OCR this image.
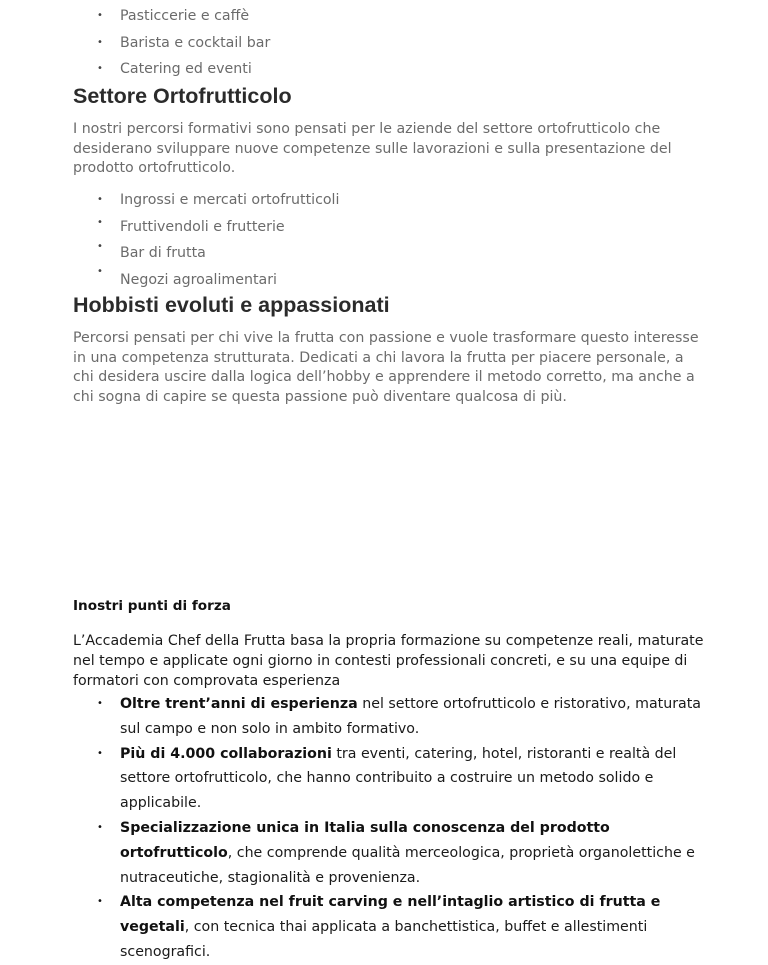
• Pasticcerie e caffè
• Barista e cocktail bar
• Catering ed eventi
Settore Ortofrutticolo

I nostri percorsi formativi sono pensati per le aziende del settore ortofrutticolo che desiderano sviluppare nuove competenze sulle lavorazioni e sulla presentazione del prodotto ortofrutticolo.

• Ingrossi e mercati ortofrutticoli
• Fruttivendoli e frutterie
• Bar di frutta
•
Negozi agroalimentari
Hobbisti evoluti e appassionati

Percorsi pensati per chi vive la frutta con passione e vuole trasformare questo interesse in una competenza strutturata. Dedicati a chi lavora la frutta per piacere personale, a chi desidera uscire dalla logica dell’hobby e apprendere il metodo corretto, ma anche a chi sogna di capire se questa passione può diventare qualcosa di più.

Inostri punti di forza

L’Accademia Chef della Frutta basa la propria formazione su competenze reali, maturate nel tempo e applicate ogni giorno in contesti professionali concreti, e su una equipe di formatori con comprovata esperienza

• Oltre trent’anni di esperienza nel settore ortofrutticolo e ristorativo, maturata sul campo e non solo in ambito formativo.
• Più di 4.000 collaborazioni tra eventi, catering, hotel, ristoranti e realtà del settore ortofrutticolo, che hanno contribuito a costruire un metodo solido e applicabile.
• Specializzazione unica in Italia sulla conoscenza del prodotto ortofrutticolo, che comprende qualità merceologica, proprietà organolettiche e nutraceutiche, stagionalità e provenienza.
• Alta competenza nel fruit carving e nell’intaglio artistico di frutta e vegetali, con tecnica thai applicata a banchettistica, buffet e allestimenti scenografici.
